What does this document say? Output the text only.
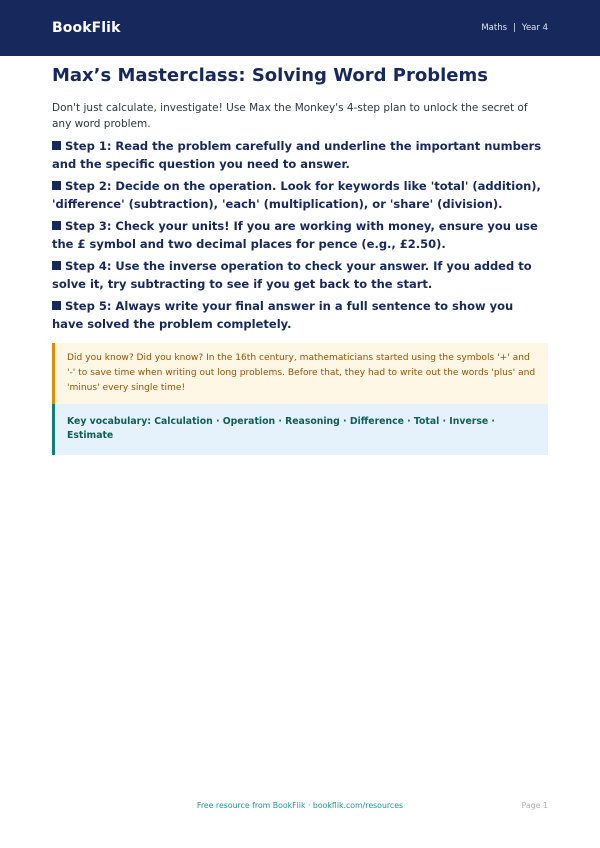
BookFlik	Maths | Year 4
Max’s Masterclass: Solving Word Problems

Don't just calculate, investigate! Use Max the Monkey's 4-step plan to unlock the secret of any word problem.

Step 1: Read the problem carefully and underline the important numbers and the specific question you need to answer.
Step 2: Decide on the operation. Look for keywords like 'total' (addition), 'difference' (subtraction), 'each' (multiplication), or 'share' (division).
Step 3: Check your units! If you are working with money, ensure you use the £ symbol and two decimal places for pence (e.g., £2.50).
Step 4: Use the inverse operation to check your answer. If you added to solve it, try subtracting to see if you get back to the start.
Step 5: Always write your final answer in a full sentence to show you have solved the problem completely.
Did you know? Did you know? In the 16th century, mathematicians started using the symbols '+' and '-' to save time when writing out long problems. Before that, they had to write out the words 'plus' and 'minus' every single time!
Key vocabulary: Calculation · Operation · Reasoning · Difference · Total · Inverse · Estimate
Free resource from BookFlik · bookflik.com/resources	Page 1
